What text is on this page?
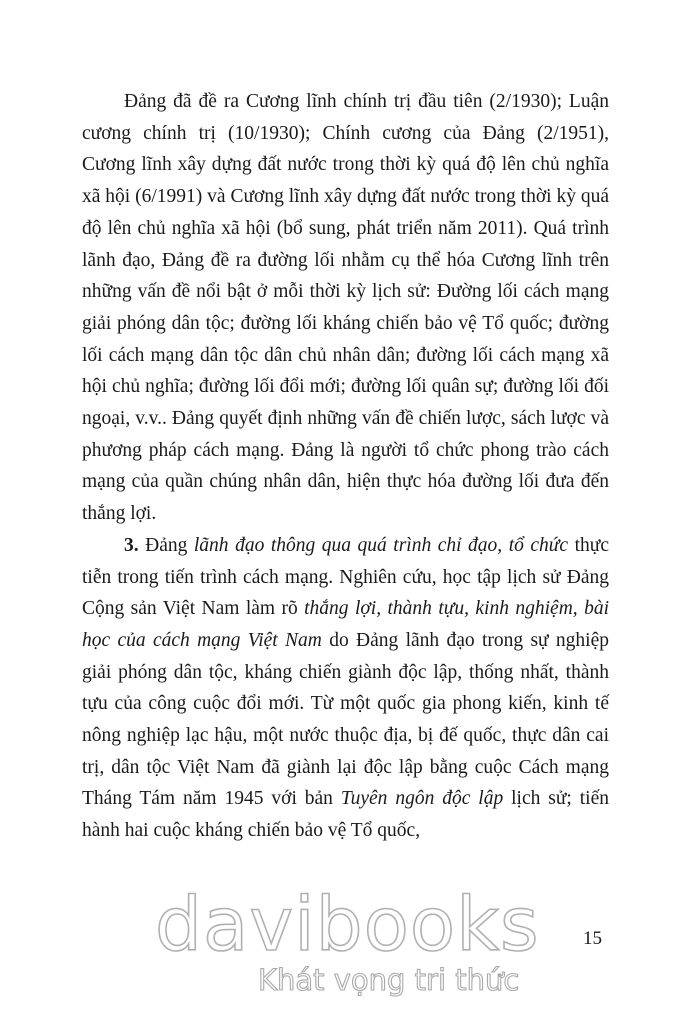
Đảng đã đề ra Cương lĩnh chính trị đầu tiên (2/1930); Luận cương chính trị (10/1930); Chính cương của Đảng (2/1951), Cương lĩnh xây dựng đất nước trong thời kỳ quá độ lên chủ nghĩa xã hội (6/1991) và Cương lĩnh xây dựng đất nước trong thời kỳ quá độ lên chủ nghĩa xã hội (bổ sung, phát triển năm 2011). Quá trình lãnh đạo, Đảng đề ra đường lối nhằm cụ thể hóa Cương lĩnh trên những vấn đề nổi bật ở mỗi thời kỳ lịch sử: Đường lối cách mạng giải phóng dân tộc; đường lối kháng chiến bảo vệ Tổ quốc; đường lối cách mạng dân tộc dân chủ nhân dân; đường lối cách mạng xã hội chủ nghĩa; đường lối đổi mới; đường lối quân sự; đường lối đối ngoại, v.v.. Đảng quyết định những vấn đề chiến lược, sách lược và phương pháp cách mạng. Đảng là người tổ chức phong trào cách mạng của quần chúng nhân dân, hiện thực hóa đường lối đưa đến thắng lợi.

3. Đảng lãnh đạo thông qua quá trình chỉ đạo, tổ chức thực tiễn trong tiến trình cách mạng. Nghiên cứu, học tập lịch sử Đảng Cộng sản Việt Nam làm rõ thắng lợi, thành tựu, kinh nghiệm, bài học của cách mạng Việt Nam do Đảng lãnh đạo trong sự nghiệp giải phóng dân tộc, kháng chiến giành độc lập, thống nhất, thành tựu của công cuộc đổi mới. Từ một quốc gia phong kiến, kinh tế nông nghiệp lạc hậu, một nước thuộc địa, bị đế quốc, thực dân cai trị, dân tộc Việt Nam đã giành lại độc lập bằng cuộc Cách mạng Tháng Tám năm 1945 với bản Tuyên ngôn độc lập lịch sử; tiến hành hai cuộc kháng chiến bảo vệ Tổ quốc,

15
davibooks
Khát vọng tri thức
